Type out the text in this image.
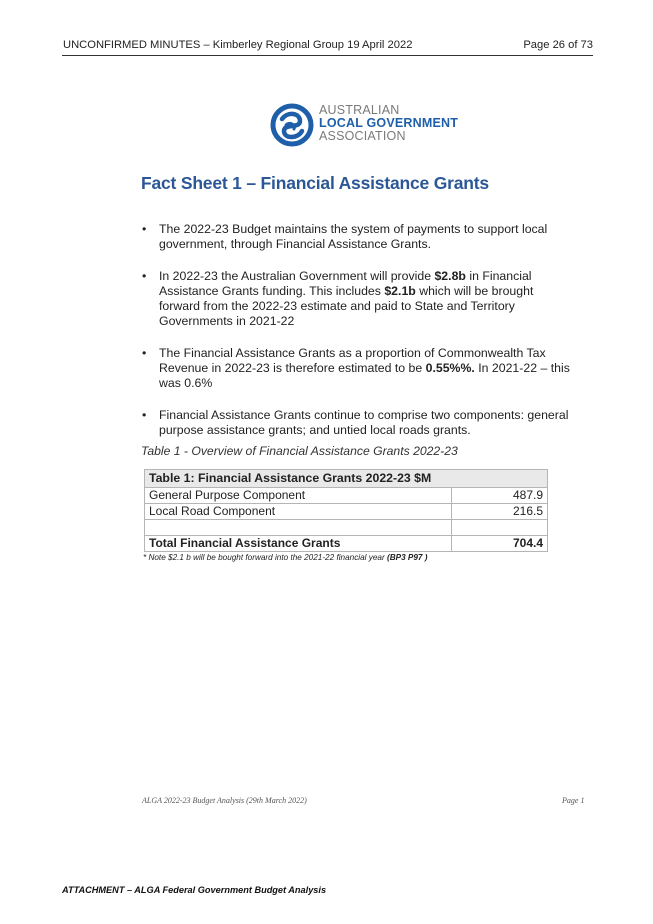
UNCONFIRMED MINUTES – Kimberley Regional Group 19 April 2022	Page 26 of 73
AUSTRALIAN
LOCAL GOVERNMENT
ASSOCIATION
Fact Sheet 1 – Financial Assistance Grants
• The 2022-23 Budget maintains the system of payments to support local government, through Financial Assistance Grants.
• In 2022-23 the Australian Government will provide $2.8b in Financial Assistance Grants funding. This includes $2.1b which will be brought forward from the 2022-23 estimate and paid to State and Territory Governments in 2021-22
• The Financial Assistance Grants as a proportion of Commonwealth Tax Revenue in 2022-23 is therefore estimated to be 0.55%%. In 2021-22 – this was 0.6%
• Financial Assistance Grants continue to comprise two components: general purpose assistance grants; and untied local roads grants.
Table 1 - Overview of Financial Assistance Grants 2022-23
Table 1: Financial Assistance Grants 2022-23 $M	
General Purpose Component	487.9
Local Road Component	216.5

Total Financial Assistance Grants	704.4
* Note $2.1 b will be bought forward into the 2021-22 financial year (BP3 P97 )
ALGA 2022-23 Budget Analysis (29th March 2022)	Page 1
ATTACHMENT – ALGA Federal Government Budget Analysis
